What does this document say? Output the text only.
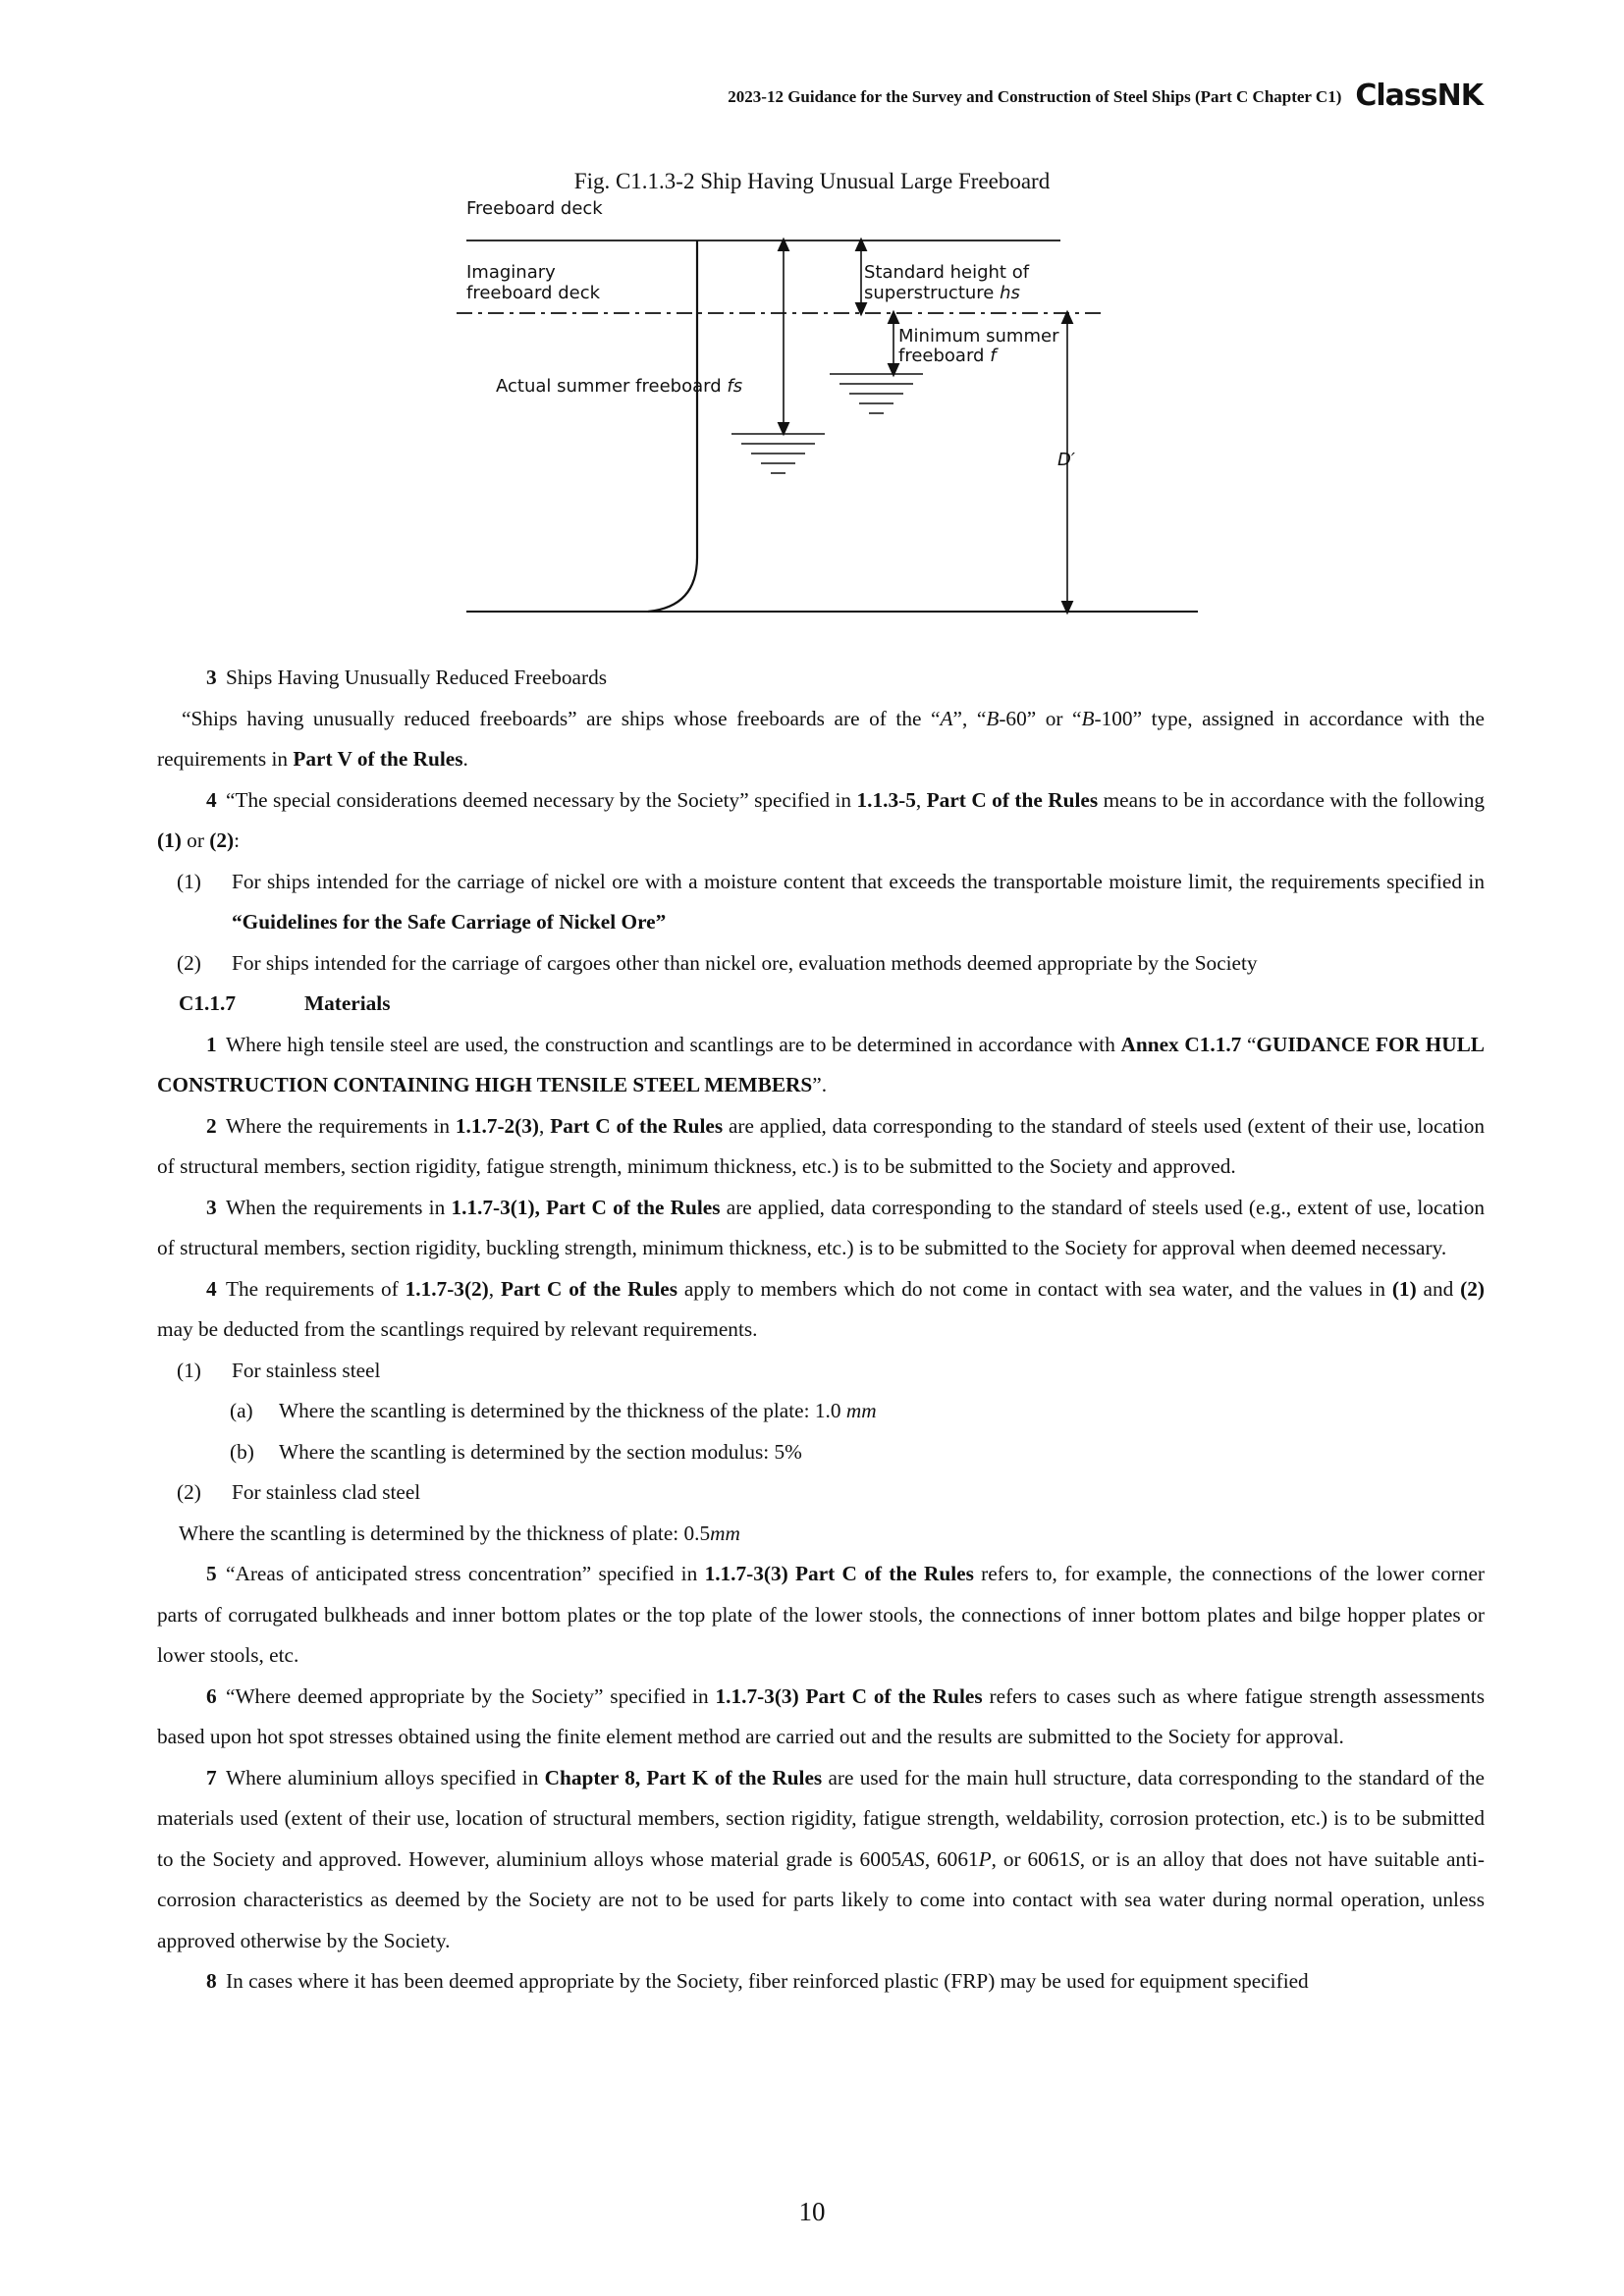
2023-12 Guidance for the Survey and Construction of Steel Ships (Part C Chapter C1) ClassNK
Fig. C1.1.3-2 Ship Having Unusual Large Freeboard
Freeboard deck
Imaginary
freeboard deck
Standard height of
superstructure hs
Minimum summer
freeboard f
Actual summer freeboard fs
D′

3 Ships Having Unusually Reduced Freeboards

“Ships having unusually reduced freeboards” are ships whose freeboards are of the “A”, “B-60” or “B-100” type, assigned in accordance with the requirements in Part V of the Rules.

4 “The special considerations deemed necessary by the Society” specified in 1.1.3-5, Part C of the Rules means to be in accordance with the following (1) or (2):

(1) For ships intended for the carriage of nickel ore with a moisture content that exceeds the transportable moisture limit, the requirements specified in “Guidelines for the Safe Carriage of Nickel Ore”

(2) For ships intended for the carriage of cargoes other than nickel ore, evaluation methods deemed appropriate by the Society

C1.1.7	Materials

1 Where high tensile steel are used, the construction and scantlings are to be determined in accordance with Annex C1.1.7 “GUIDANCE FOR HULL CONSTRUCTION CONTAINING HIGH TENSILE STEEL MEMBERS”.

2 Where the requirements in 1.1.7-2(3), Part C of the Rules are applied, data corresponding to the standard of steels used (extent of their use, location of structural members, section rigidity, fatigue strength, minimum thickness, etc.) is to be submitted to the Society and approved.

3 When the requirements in 1.1.7-3(1), Part C of the Rules are applied, data corresponding to the standard of steels used (e.g., extent of use, location of structural members, section rigidity, buckling strength, minimum thickness, etc.) is to be submitted to the Society for approval when deemed necessary.

4 The requirements of 1.1.7-3(2), Part C of the Rules apply to members which do not come in contact with sea water, and the values in (1) and (2) may be deducted from the scantlings required by relevant requirements.

(1) For stainless steel

(a) Where the scantling is determined by the thickness of the plate: 1.0 mm

(b) Where the scantling is determined by the section modulus: 5%

(2) For stainless clad steel

Where the scantling is determined by the thickness of plate: 0.5mm

5 “Areas of anticipated stress concentration” specified in 1.1.7-3(3) Part C of the Rules refers to, for example, the connections of the lower corner parts of corrugated bulkheads and inner bottom plates or the top plate of the lower stools, the connections of inner bottom plates and bilge hopper plates or lower stools, etc.

6 “Where deemed appropriate by the Society” specified in 1.1.7-3(3) Part C of the Rules refers to cases such as where fatigue strength assessments based upon hot spot stresses obtained using the finite element method are carried out and the results are submitted to the Society for approval.

7 Where aluminium alloys specified in Chapter 8, Part K of the Rules are used for the main hull structure, data corresponding to the standard of the materials used (extent of their use, location of structural members, section rigidity, fatigue strength, weldability, corrosion protection, etc.) is to be submitted to the Society and approved. However, aluminium alloys whose material grade is 6005AS, 6061P, or 6061S, or is an alloy that does not have suitable anti-corrosion characteristics as deemed by the Society are not to be used for parts likely to come into contact with sea water during normal operation, unless approved otherwise by the Society.

8 In cases where it has been deemed appropriate by the Society, fiber reinforced plastic (FRP) may be used for equipment specified

10
